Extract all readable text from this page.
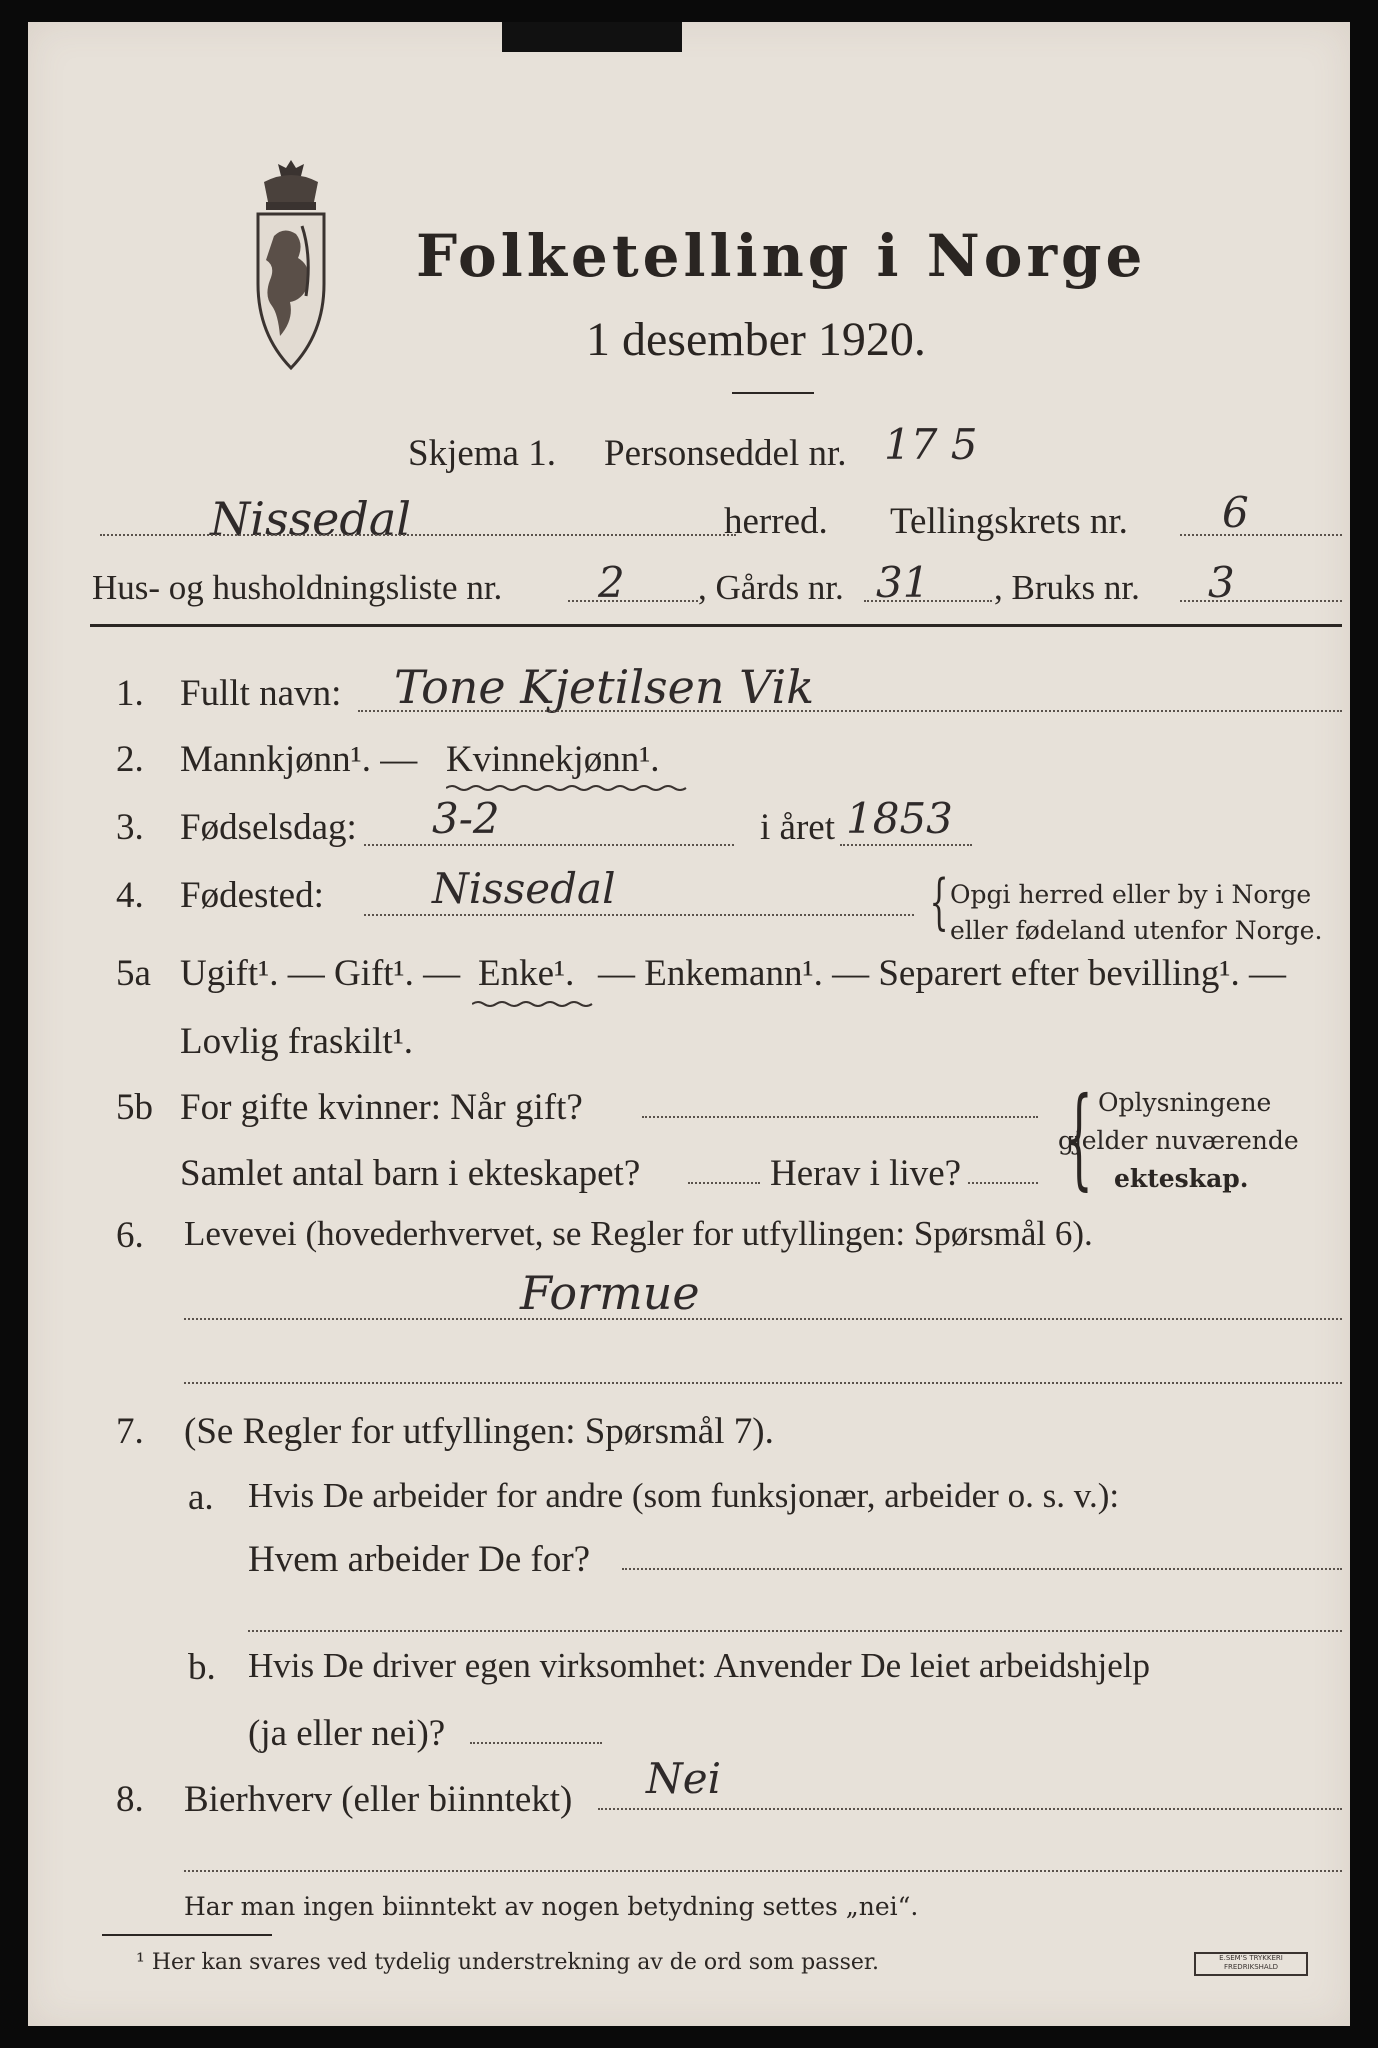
Folketelling i Norge
1 desember 1920.
Skjema 1. Personseddel nr. 17 5
Nissedal	herred. Tellingskrets nr. 6
Hus- og husholdningsliste nr. 2 , Gårds nr. 31 , Bruks nr. 3
1. Fullt navn: Tone Kjetilsen Vik
2. Mannkjønn¹. — Kvinnekjønn¹.
3. Fødselsdag: 3-2	i året 1853
4. Fødested:	Nissedal	{ Opgi herred eller by i Norge
eller fødeland utenfor Norge.
5a Ugift¹. — Gift¹. — Enke¹. — Enkemann¹. — Separert efter bevilling¹. —
Lovlig fraskilt¹.
5b For gifte kvinner: Når gift?
Samlet antal barn i ekteskapet?	Herav i live? { Oplysningene
gjelder nuværende
ekteskap.
6. Levevei (hovederhvervet, se Regler for utfyllingen: Spørsmål 6).
Formue
7. (Se Regler for utfyllingen: Spørsmål 7).
a. Hvis De arbeider for andre (som funksjonær, arbeider o. s. v.):
Hvem arbeider De for?
b. Hvis De driver egen virksomhet: Anvender De leiet arbeidshjelp
(ja eller nei)?
8. Bierhverv (eller biinntekt) Nei
Har man ingen biinntekt av nogen betydning settes „nei“.
¹ Her kan svares ved tydelig understrekning av de ord som passer.	E.SEM'S TRYKKERI FREDRIKSHALD
